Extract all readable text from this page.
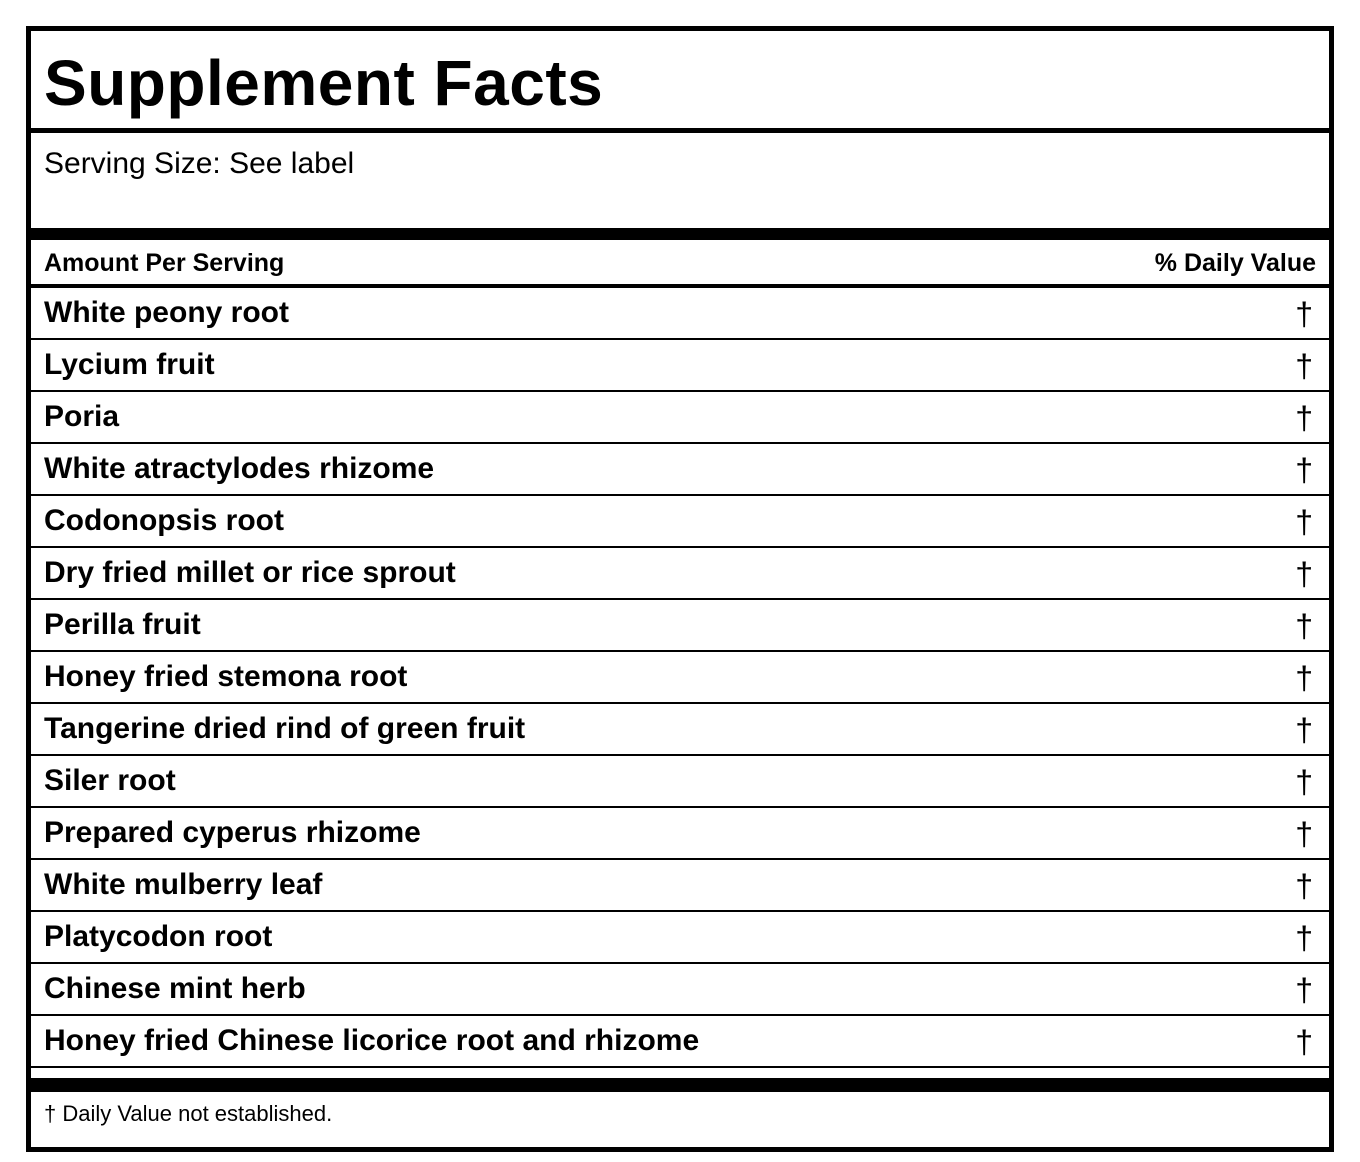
Supplement Facts
Serving Size: See label
Amount Per Serving	% Daily Value
White peony root	†
Lycium fruit	†
Poria	†
White atractylodes rhizome	†
Codonopsis root	†
Dry fried millet or rice sprout	†
Perilla fruit	†
Honey fried stemona root	†
Tangerine dried rind of green fruit	†
Siler root	†
Prepared cyperus rhizome	†
White mulberry leaf	†
Platycodon root	†
Chinese mint herb	†
Honey fried Chinese licorice root and rhizome	†
† Daily Value not established.
